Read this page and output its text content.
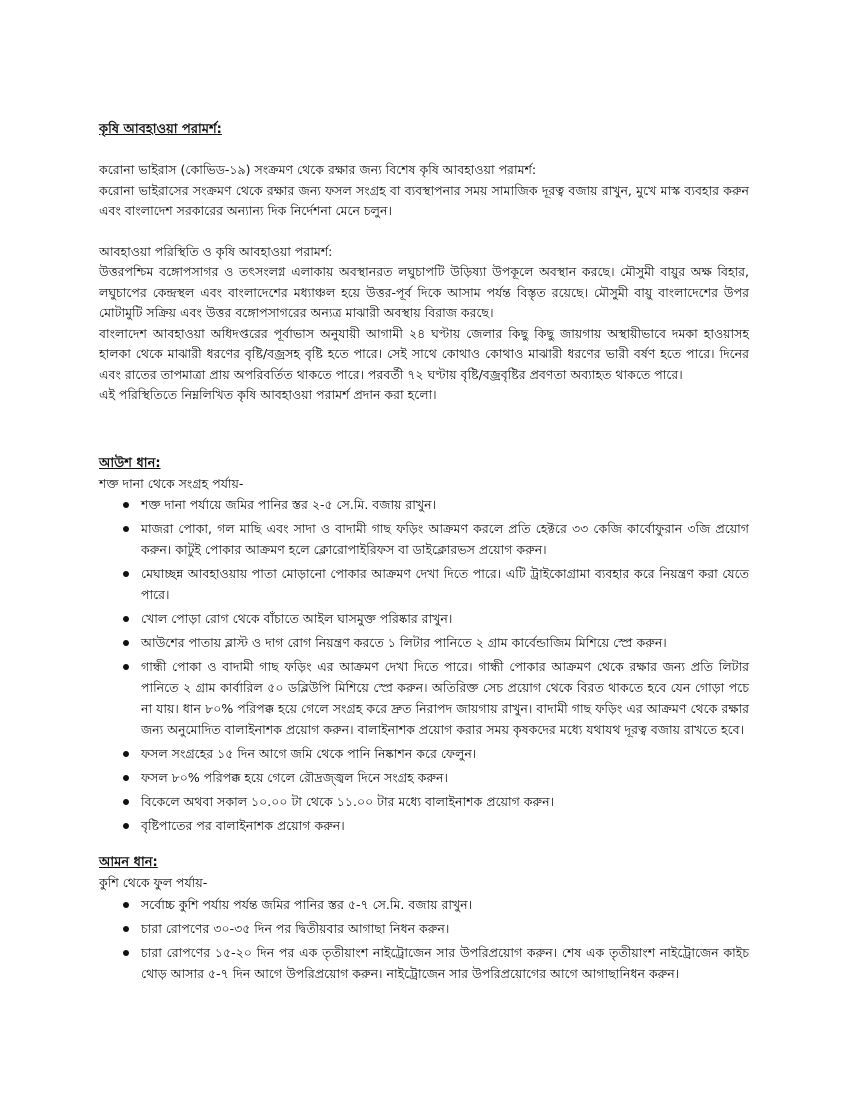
কৃষি আবহাওয়া পরামর্শ:

করোনা ভাইরাস (কোভিড-১৯) সংক্রমণ থেকে রক্ষার জন্য বিশেষ কৃষি আবহাওয়া পরামর্শ:

করোনা ভাইরাসের সংক্রমণ থেকে রক্ষার জন্য ফসল সংগ্রহ বা ব্যবস্থাপনার সময় সামাজিক দূরত্ব বজায় রাখুন, মুখে মাস্ক ব্যবহার করুন এবং বাংলাদেশ সরকারের অন্যান্য দিক নির্দেশনা মেনে চলুন।

আবহাওয়া পরিস্থিতি ও কৃষি আবহাওয়া পরামর্শ:

উত্তরপশ্চিম বঙ্গোপসাগর ও তৎসংলগ্ন এলাকায় অবস্থানরত লঘুচাপটি উড়িষ্যা উপকূলে অবস্থান করছে। মৌসুমী বায়ুর অক্ষ বিহার, লঘুচাপের কেন্দ্রস্থল এবং বাংলাদেশের মধ্যাঞ্চল হয়ে উত্তর-পূর্ব দিকে আসাম পর্যন্ত বিস্তৃত রয়েছে। মৌসুমী বায়ু বাংলাদেশের উপর মোটামুটি সক্রিয় এবং উত্তর বঙ্গোপসাগরের অন্যত্র মাঝারী অবস্থায় বিরাজ করছে।

বাংলাদেশ আবহাওয়া অধিদপ্তরের পূর্বাভাস অনুযায়ী আগামী ২৪ ঘণ্টায় জেলার কিছু কিছু জায়গায় অস্থায়ীভাবে দমকা হাওয়াসহ হালকা থেকে মাঝারী ধরণের বৃষ্টি/বজ্রসহ বৃষ্টি হতে পারে। সেই সাথে কোথাও কোথাও মাঝারী ধরণের ভারী বর্ষণ হতে পারে। দিনের এবং রাতের তাপমাত্রা প্রায় অপরিবর্তিত থাকতে পারে। পরবর্তী ৭২ ঘণ্টায় বৃষ্টি/বজ্রবৃষ্টির প্রবণতা অব্যাহত থাকতে পারে।

এই পরিস্থিতিতে নিম্নলিখিত কৃষি আবহাওয়া পরামর্শ প্রদান করা হলো।

আউশ ধান:

শক্ত দানা থেকে সংগ্রহ পর্যায়-

শক্ত দানা পর্যায়ে জমির পানির স্তর ২-৫ সে.মি. বজায় রাখুন।
মাজরা পোকা, গল মাছি এবং সাদা ও বাদামী গাছ ফড়িং আক্রমণ করলে প্রতি হেক্টরে ৩৩ কেজি কার্বোফুরান ৩জি প্রয়োগ করুন। কাটুই পোকার আক্রমণ হলে ক্লোরোপাইরিফস বা ডাইক্লোরভস প্রয়োগ করুন।
মেঘাচ্ছন্ন আবহাওয়ায় পাতা মোড়ানো পোকার আক্রমণ দেখা দিতে পারে। এটি ট্রাইকোগ্রামা ব্যবহার করে নিয়ন্ত্রণ করা যেতে পারে।
খোল পোড়া রোগ থেকে বাঁচাতে আইল ঘাসমুক্ত পরিষ্কার রাখুন।
আউশের পাতায় ব্লাস্ট ও দাগ রোগ নিয়ন্ত্রণ করতে ১ লিটার পানিতে ২ গ্রাম কার্বেন্ডাজিম মিশিয়ে স্প্রে করুন।
গান্ধী পোকা ও বাদামী গাছ ফড়িং এর আক্রমণ দেখা দিতে পারে। গান্ধী পোকার আক্রমণ থেকে রক্ষার জন্য প্রতি লিটার পানিতে ২ গ্রাম কার্বারিল ৫০ ডব্লিউপি মিশিয়ে স্প্রে করুন। অতিরিক্ত সেচ প্রয়োগ থেকে বিরত থাকতে হবে যেন গোড়া পচে না যায়। ধান ৮০% পরিপক্ক হয়ে গেলে সংগ্রহ করে দ্রুত নিরাপদ জায়গায় রাখুন। বাদামী গাছ ফড়িং এর আক্রমণ থেকে রক্ষার জন্য অনুমোদিত বালাইনাশক প্রয়োগ করুন। বালাইনাশক প্রয়োগ করার সময় কৃষকদের মধ্যে যথাযথ দূরত্ব বজায় রাখতে হবে।
ফসল সংগ্রহের ১৫ দিন আগে জমি থেকে পানি নিষ্কাশন করে ফেলুন।
ফসল ৮০% পরিপক্ক হয়ে গেলে রৌদ্রজ্জ্বল দিনে সংগ্রহ করুন।
বিকেলে অথবা সকাল ১০.০০ টা থেকে ১১.০০ টার মধ্যে বালাইনাশক প্রয়োগ করুন।
বৃষ্টিপাতের পর বালাইনাশক প্রয়োগ করুন।

আমন ধান:

কুশি থেকে ফুল পর্যায়-

সর্বোচ্চ কুশি পর্যায় পর্যন্ত জমির পানির স্তর ৫-৭ সে.মি. বজায় রাখুন।
চারা রোপণের ৩০-৩৫ দিন পর দ্বিতীয়বার আগাছা নিধন করুন।
চারা রোপণের ১৫-২০ দিন পর এক তৃতীয়াংশ নাইট্রোজেন সার উপরিপ্রয়োগ করুন। শেষ এক তৃতীয়াংশ নাইট্রোজেন কাইচ থোড় আসার ৫-৭ দিন আগে উপরিপ্রয়োগ করুন। নাইট্রোজেন সার উপরিপ্রয়োগের আগে আগাছানিধন করুন।
